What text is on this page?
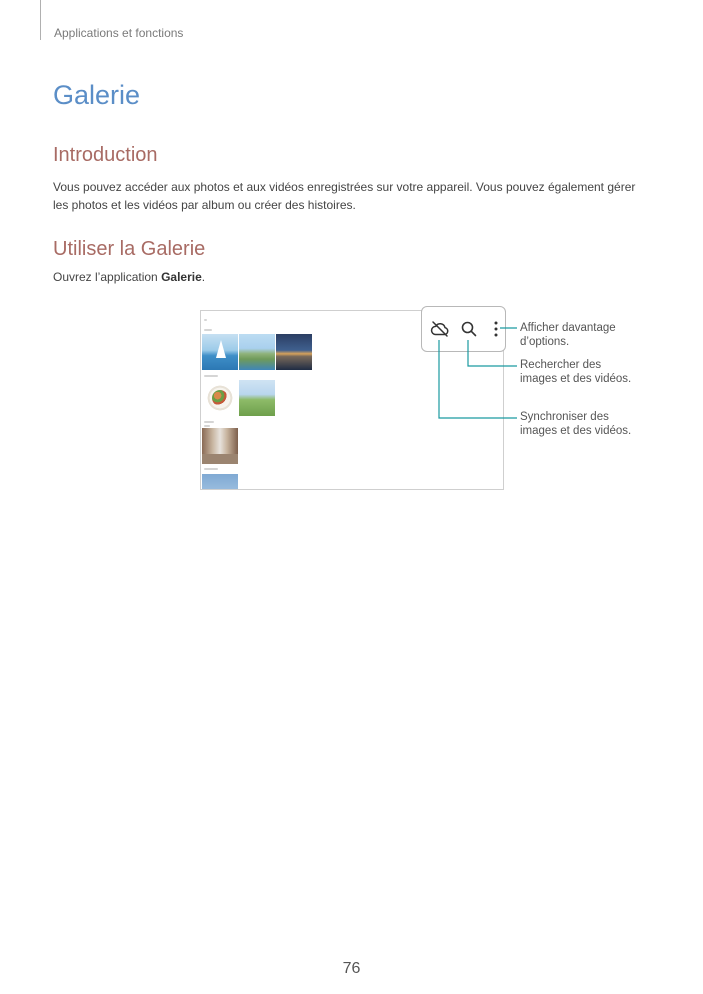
Applications et fonctions
Galerie
Introduction

Vous pouvez accéder aux photos et aux vidéos enregistrées sur votre appareil. Vous pouvez également gérer
les photos et les vidéos par album ou créer des histoires.

Utiliser la Galerie

Ouvrez l’application Galerie.

Afficher davantage
d’options.

Rechercher des
images et des vidéos.

Synchroniser des
images et des vidéos.

76
